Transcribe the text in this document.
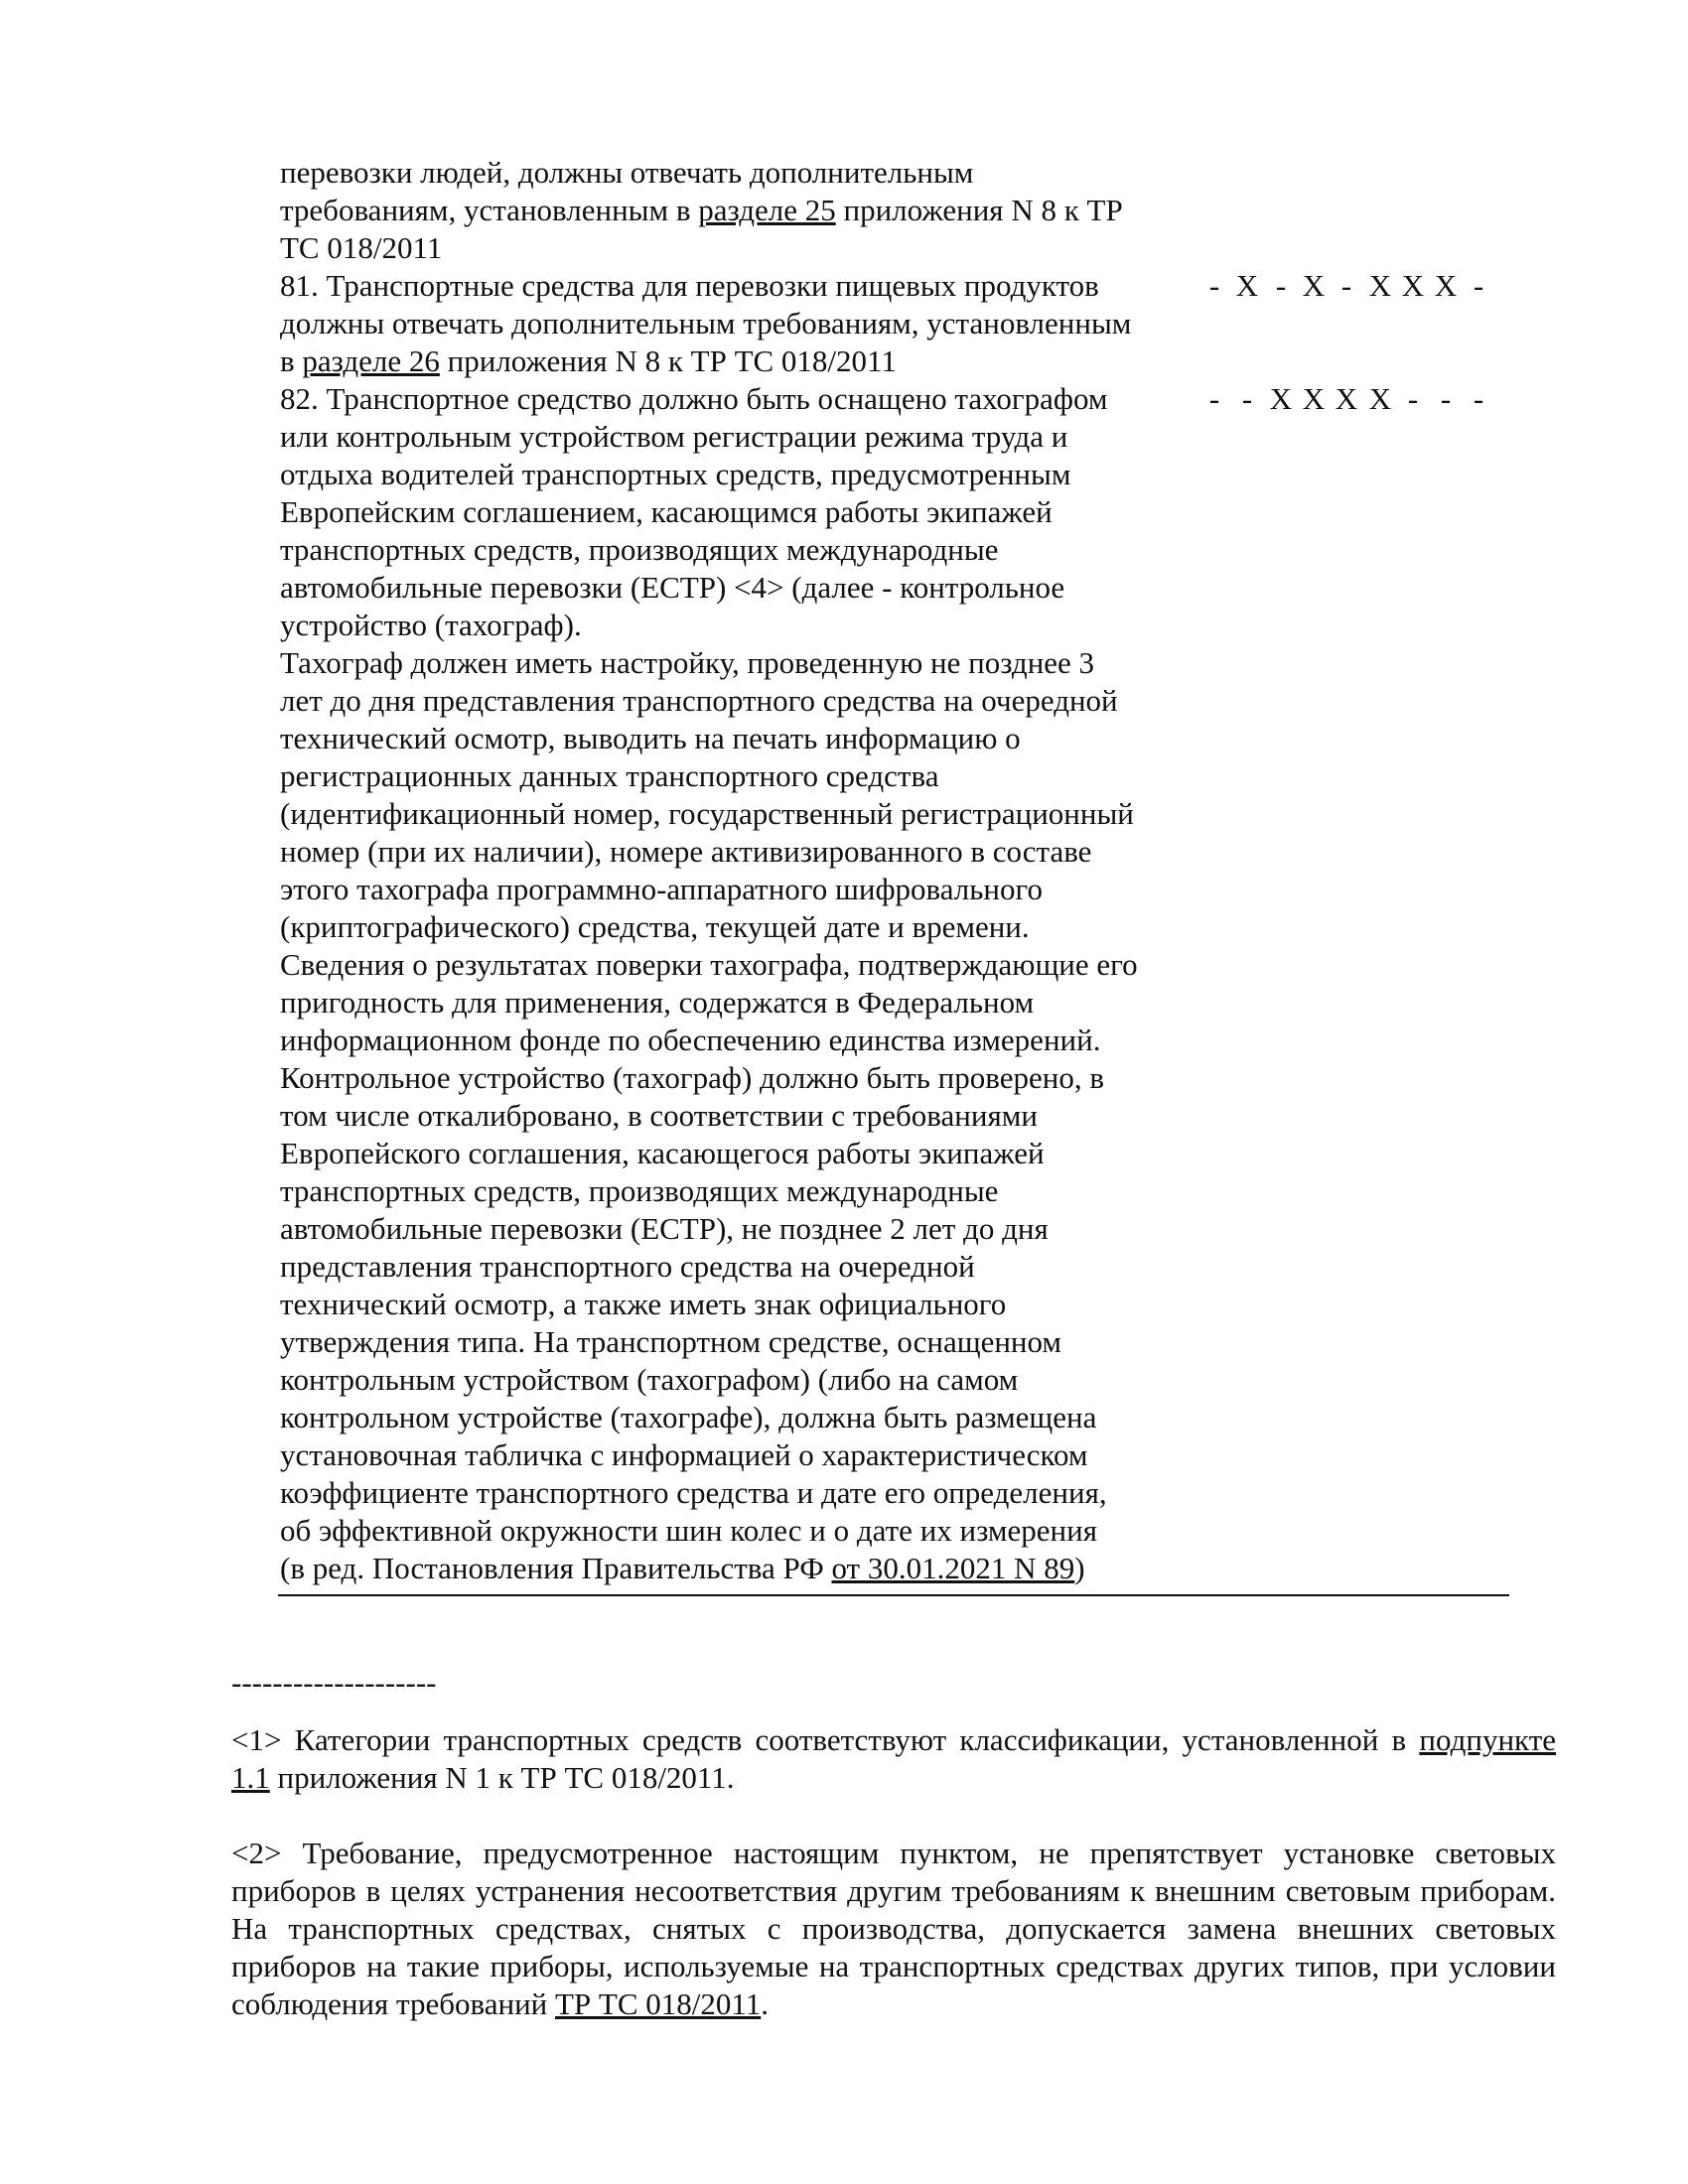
перевозки людей, должны отвечать дополнительным
требованиям, установленным в разделе 25 приложения N 8 к ТР
ТС 018/2011
81. Транспортные средства для перевозки пищевых продуктов
должны отвечать дополнительным требованиям, установленным
в разделе 26 приложения N 8 к ТР ТС 018/2011
- X - X - X X X -
82. Транспортное средство должно быть оснащено тахографом
или контрольным устройством регистрации режима труда и
отдыха водителей транспортных средств, предусмотренным
Европейским соглашением, касающимся работы экипажей
транспортных средств, производящих международные
автомобильные перевозки (ЕСТР) <4> (далее - контрольное
устройство (тахограф).
Тахограф должен иметь настройку, проведенную не позднее 3
лет до дня представления транспортного средства на очередной
технический осмотр, выводить на печать информацию о
регистрационных данных транспортного средства
(идентификационный номер, государственный регистрационный
номер (при их наличии), номере активизированного в составе
этого тахографа программно-аппаратного шифровального
(криптографического) средства, текущей дате и времени.
Сведения о результатах поверки тахографа, подтверждающие его
пригодность для применения, содержатся в Федеральном
информационном фонде по обеспечению единства измерений.
Контрольное устройство (тахограф) должно быть проверено, в
том числе откалибровано, в соответствии с требованиями
Европейского соглашения, касающегося работы экипажей
транспортных средств, производящих международные
автомобильные перевозки (ЕСТР), не позднее 2 лет до дня
представления транспортного средства на очередной
технический осмотр, а также иметь знак официального
утверждения типа. На транспортном средстве, оснащенном
контрольным устройством (тахографом) (либо на самом
контрольном устройстве (тахографе), должна быть размещена
установочная табличка с информацией о характеристическом
коэффициенте транспортного средства и дате его определения,
об эффективной окружности шин колес и о дате их измерения
(в ред. Постановления Правительства РФ от 30.01.2021 N 89)
- - X X X X - - -
--------------------
<1> Категории транспортных средств соответствуют классификации, установленной в подпункте 1.1 приложения N 1 к ТР ТС 018/2011.
<2> Требование, предусмотренное настоящим пунктом, не препятствует установке световых приборов в целях устранения несоответствия другим требованиям к внешним световым приборам. На транспортных средствах, снятых с производства, допускается замена внешних световых приборов на такие приборы, используемые на транспортных средствах других типов, при условии соблюдения требований ТР ТС 018/2011.
